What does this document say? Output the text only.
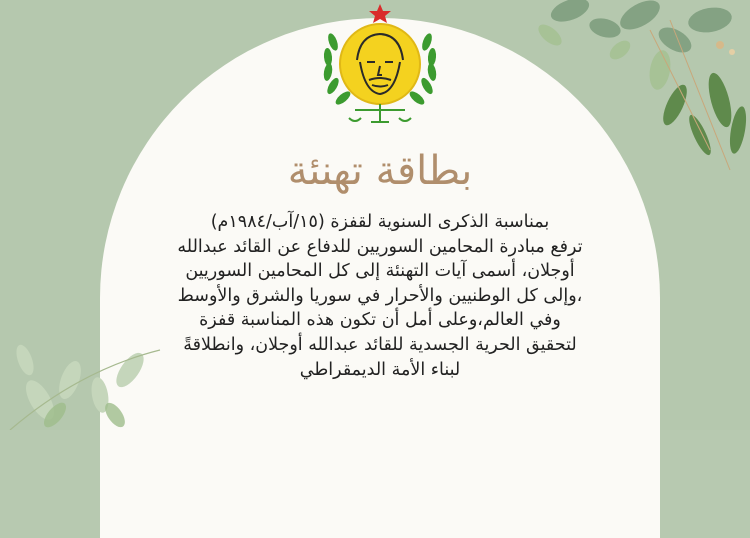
بطاقة تهنئة
بمناسبة الذكرى السنوية لقفزة (١٥/آب/١٩٨٤م)
ترفع مبادرة المحامين السوريين للدفاع عن القائد عبدالله
أوجلان، أسمى آيات التهنئة إلى كل المحامين السوريين
،وإلى كل الوطنيين والأحرار في سوريا والشرق والأوسط
وفي العالم،وعلى أمل أن تكون هذه المناسبة قفزة
لتحقيق الحرية الجسدية للقائد عبدالله أوجلان، وانطلاقةً
لبناء الأمة الديمقراطي
